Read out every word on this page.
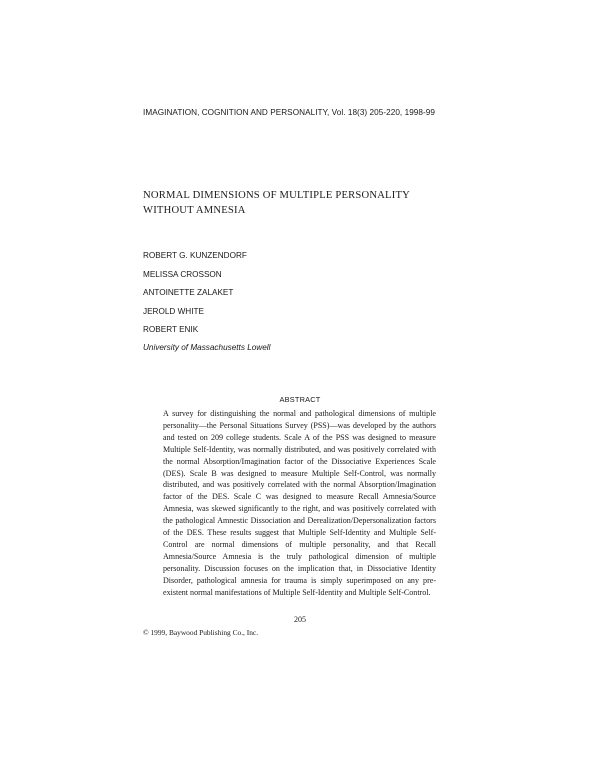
IMAGINATION, COGNITION AND PERSONALITY, Vol. 18(3) 205-220, 1998-99
NORMAL DIMENSIONS OF MULTIPLE PERSONALITY
WITHOUT AMNESIA
ROBERT G. KUNZENDORF
MELISSA CROSSON
ANTOINETTE ZALAKET
JEROLD WHITE
ROBERT ENIK
University of Massachusetts Lowell
ABSTRACT

A survey for distinguishing the normal and pathological dimensions of multiple personality—the Personal Situations Survey (PSS)—was developed by the authors and tested on 209 college students. Scale A of the PSS was designed to measure Multiple Self-Identity, was normally distributed, and was positively correlated with the normal Absorption/Imagination factor of the Dissociative Experiences Scale (DES). Scale B was designed to measure Multiple Self-Control, was normally distributed, and was positively correlated with the normal Absorption/Imagination factor of the DES. Scale C was designed to measure Recall Amnesia/Source Amnesia, was skewed significantly to the right, and was positively correlated with the pathological Amnestic Dissociation and Derealization/Depersonalization factors of the DES. These results suggest that Multiple Self-Identity and Multiple Self-Control are normal dimensions of multiple personality, and that Recall Amnesia/Source Amnesia is the truly pathological dimension of multiple personality. Discussion focuses on the implication that, in Dissociative Identity Disorder, pathological amnesia for trauma is simply superimposed on any pre-existent normal manifestations of Multiple Self-Identity and Multiple Self-Control.

205
© 1999, Baywood Publishing Co., Inc.
